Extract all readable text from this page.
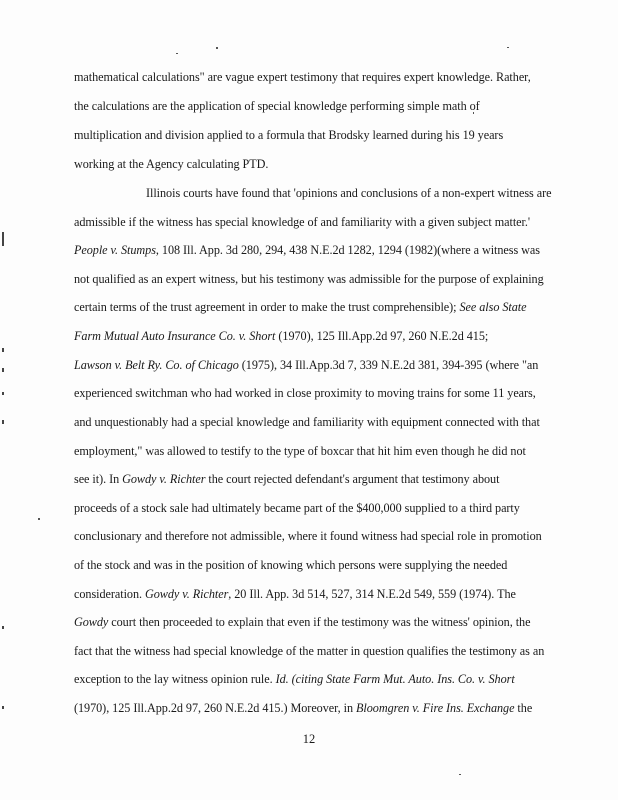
mathematical calculations" are vague expert testimony that requires expert knowledge. Rather,
the calculations are the application of special knowledge performing simple math of
multiplication and division applied to a formula that Brodsky learned during his 19 years
working at the Agency calculating PTD.
Illinois courts have found that 'opinions and conclusions of a non-expert witness are
admissible if the witness has special knowledge of and familiarity with a given subject matter.'
People v. Stumps, 108 Ill. App. 3d 280, 294, 438 N.E.2d 1282, 1294 (1982)(where a witness was
not qualified as an expert witness, but his testimony was admissible for the purpose of explaining
certain terms of the trust agreement in order to make the trust comprehensible); See also State
Farm Mutual Auto Insurance Co. v. Short (1970), 125 Ill.App.2d 97, 260 N.E.2d 415;
Lawson v. Belt Ry. Co. of Chicago (1975), 34 Ill.App.3d 7, 339 N.E.2d 381, 394-395 (where "an
experienced switchman who had worked in close proximity to moving trains for some 11 years,
and unquestionably had a special knowledge and familiarity with equipment connected with that
employment," was allowed to testify to the type of boxcar that hit him even though he did not
see it). In Gowdy v. Richter the court rejected defendant's argument that testimony about
proceeds of a stock sale had ultimately became part of the $400,000 supplied to a third party
conclusionary and therefore not admissible, where it found witness had special role in promotion
of the stock and was in the position of knowing which persons were supplying the needed
consideration. Gowdy v. Richter, 20 Ill. App. 3d 514, 527, 314 N.E.2d 549, 559 (1974). The
Gowdy court then proceeded to explain that even if the testimony was the witness' opinion, the
fact that the witness had special knowledge of the matter in question qualifies the testimony as an
exception to the lay witness opinion rule. Id. (citing State Farm Mut. Auto. Ins. Co. v. Short
(1970), 125 Ill.App.2d 97, 260 N.E.2d 415.) Moreover, in Bloomgren v. Fire Ins. Exchange the
12
